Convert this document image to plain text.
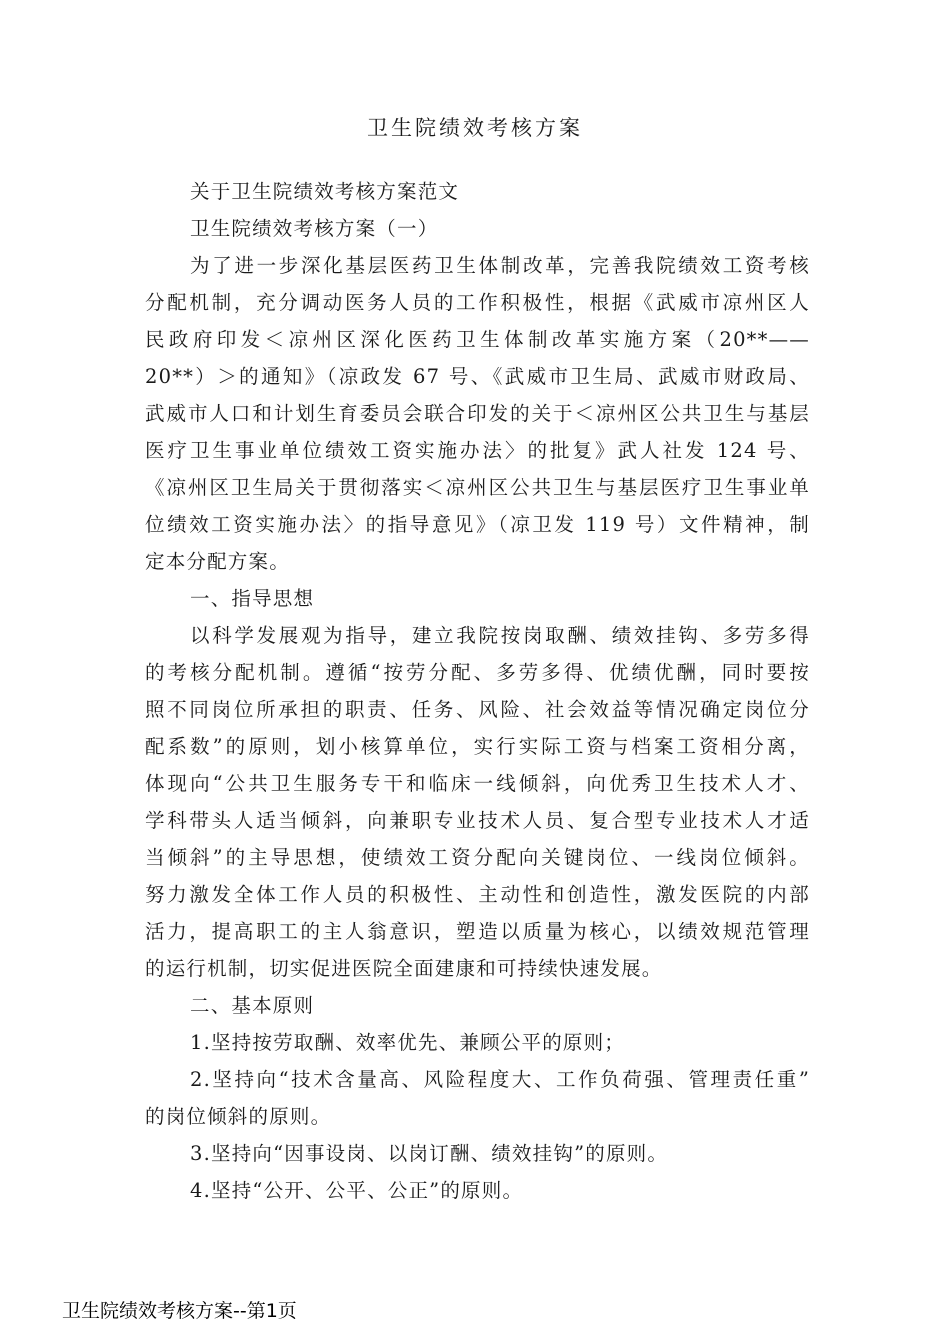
卫生院绩效考核方案
关于卫生院绩效考核方案范文
卫生院绩效考核方案（一）
为了进一步深化基层医药卫生体制改革，完善我院绩效工资考核
分配机制，充分调动医务人员的工作积极性，根据《武威市凉州区人
民政府印发＜凉州区深化医药卫生体制改革实施方案（20**——
20**）＞的通知》（凉政发 67 号、《武威市卫生局、武威市财政局、
武威市人口和计划生育委员会联合印发的关于＜凉州区公共卫生与基层
医疗卫生事业单位绩效工资实施办法〉的批复》武人社发 124 号、
《凉州区卫生局关于贯彻落实＜凉州区公共卫生与基层医疗卫生事业单
位绩效工资实施办法〉的指导意见》（凉卫发 119 号）文件精神，制
定本分配方案。
一、指导思想
以科学发展观为指导，建立我院按岗取酬、绩效挂钩、多劳多得
的考核分配机制。遵循“按劳分配、多劳多得、优绩优酬，同时要按
照不同岗位所承担的职责、任务、风险、社会效益等情况确定岗位分
配系数”的原则，划小核算单位，实行实际工资与档案工资相分离，
体现向“公共卫生服务专干和临床一线倾斜，向优秀卫生技术人才、
学科带头人适当倾斜，向兼职专业技术人员、复合型专业技术人才适
当倾斜”的主导思想，使绩效工资分配向关键岗位、一线岗位倾斜。
努力激发全体工作人员的积极性、主动性和创造性，激发医院的内部
活力，提高职工的主人翁意识，塑造以质量为核心，以绩效规范管理
的运行机制，切实促进医院全面建康和可持续快速发展。
二、基本原则
1.坚持按劳取酬、效率优先、兼顾公平的原则；
2.坚持向“技术含量高、风险程度大、工作负荷强、管理责任重”
的岗位倾斜的原则。
3.坚持向“因事设岗、以岗订酬、绩效挂钩”的原则。
4.坚持“公开、公平、公正”的原则。
卫生院绩效考核方案--第1页
